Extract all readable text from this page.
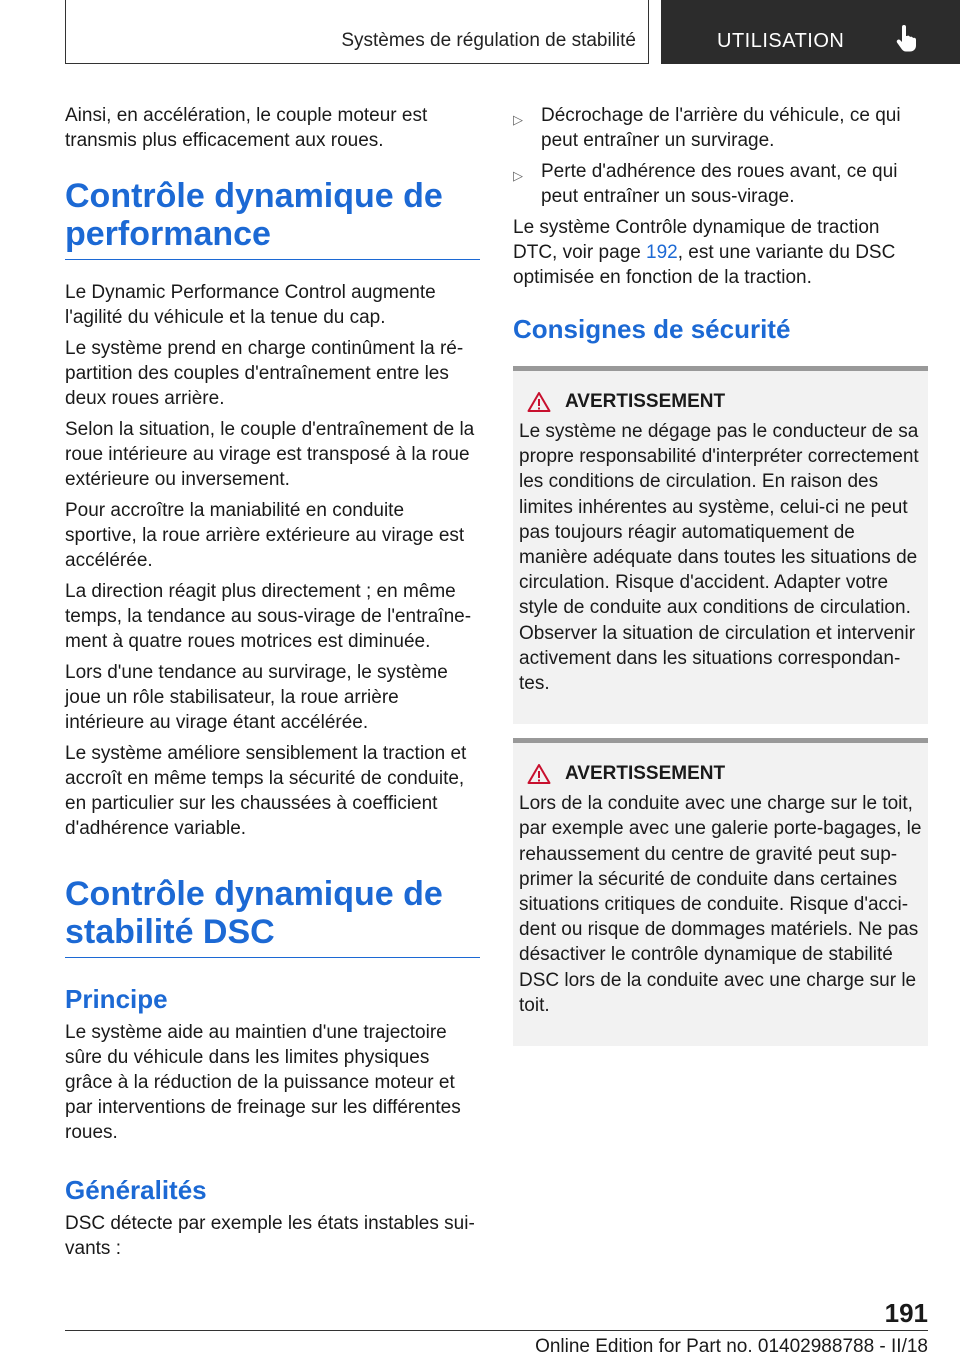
Systèmes de régulation de stabilité	UTILISATION

Ainsi, en accélération, le couple moteur est transmis plus efficacement aux roues.

Contrôle dynamique de performance

Le Dynamic Performance Control augmente l'agilité du véhicule et la tenue du cap.

Le système prend en charge continûment la répartition des couples d'entraînement entre les deux roues arrière.

Selon la situation, le couple d'entraînement de la roue intérieure au virage est transposé à la roue extérieure ou inversement.

Pour accroître la maniabilité en conduite sportive, la roue arrière extérieure au virage est accélérée.

La direction réagit plus directement ; en même temps, la tendance au sous-virage de l'entraînement à quatre roues motrices est diminuée.

Lors d'une tendance au survirage, le système joue un rôle stabilisateur, la roue arrière intérieure au virage étant accélérée.

Le système améliore sensiblement la traction et accroît en même temps la sécurité de conduite, en particulier sur les chaussées à coefficient d'adhérence variable.

Contrôle dynamique de stabilité DSC
Principe

Le système aide au maintien d'une trajectoire sûre du véhicule dans les limites physiques grâce à la réduction de la puissance moteur et par interventions de freinage sur les différentes roues.

Généralités

DSC détecte par exemple les états instables suivants :

▷ Décrochage de l'arrière du véhicule, ce qui peut entraîner un survirage.

▷ Perte d'adhérence des roues avant, ce qui peut entraîner un sous-virage.

Le système Contrôle dynamique de traction DTC, voir page 192, est une variante du DSC optimisée en fonction de la traction.

Consignes de sécurité
AVERTISSEMENT

Le système ne dégage pas le conducteur de sa propre responsabilité d'interpréter correctement les conditions de circulation. En raison des limites inhérentes au système, celui-ci ne peut pas toujours réagir automatiquement de manière adéquate dans toutes les situations de circulation. Risque d'accident. Adapter votre style de conduite aux conditions de circulation. Observer la situation de circulation et intervenir activement dans les situations correspondantes.

AVERTISSEMENT

Lors de la conduite avec une charge sur le toit, par exemple avec une galerie porte-bagages, le rehaussement du centre de gravité peut supprimer la sécurité de conduite dans certaines situations critiques de conduite. Risque d'accident ou risque de dommages matériels. Ne pas désactiver le contrôle dynamique de stabilité DSC lors de la conduite avec une charge sur le toit.

191
Online Edition for Part no. 01402988788 - II/18
